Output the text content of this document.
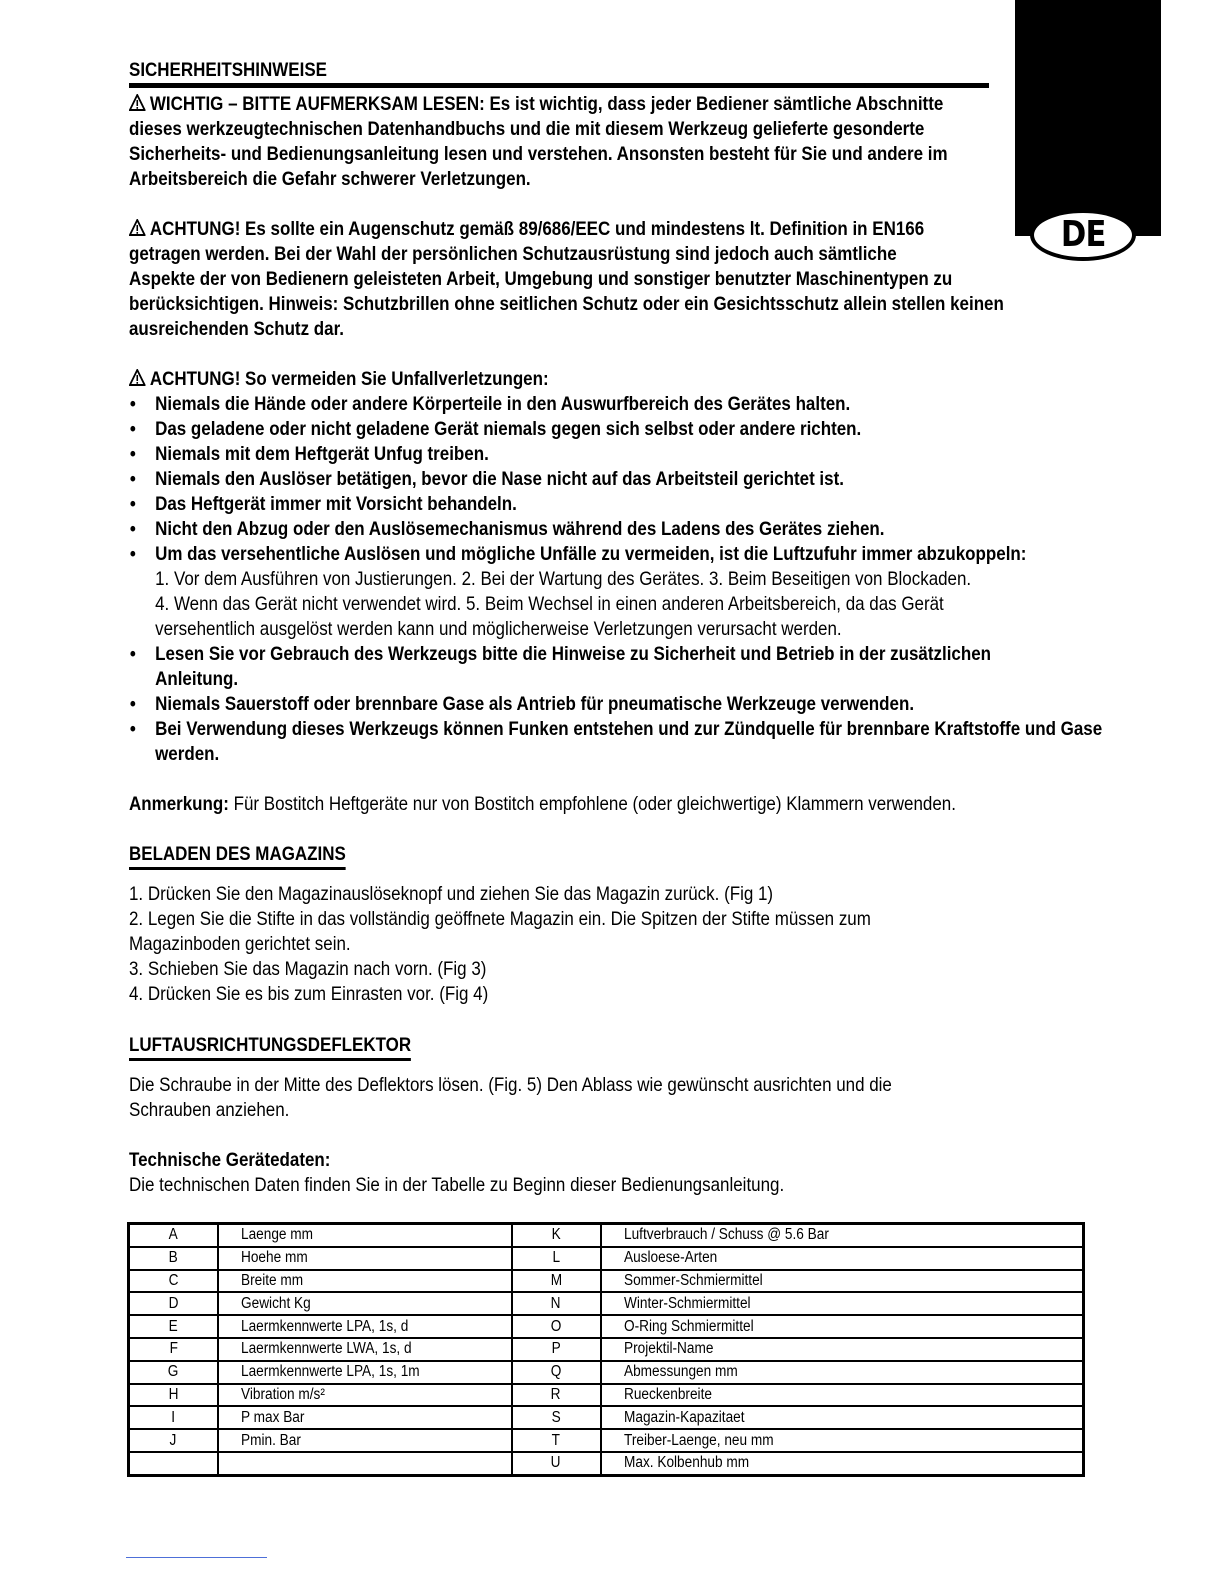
DE
SICHERHEITSHINWEISE

WICHTIG – BITTE AUFMERKSAM LESEN: Es ist wichtig, dass jeder Bediener sämtliche Abschnitte dieses werkzeugtechnischen Datenhandbuchs und die mit diesem Werkzeug gelieferte gesonderte Sicherheits- und Bedienungsanleitung lesen und verstehen. Ansonsten besteht für Sie und andere im Arbeitsbereich die Gefahr schwerer Verletzungen.

ACHTUNG! Es sollte ein Augenschutz gemäß 89/686/EEC und mindestens lt. Definition in EN166

getragen werden. Bei der Wahl der persönlichen Schutzausrüstung sind jedoch auch sämtliche

Aspekte der von Bedienern geleisteten Arbeit, Umgebung und sonstiger benutzter Maschinentypen zu

berücksichtigen. Hinweis: Schutzbrillen ohne seitlichen Schutz oder ein Gesichtsschutz allein stellen keinen

ausreichenden Schutz dar.

ACHTUNG! So vermeiden Sie Unfallverletzungen:

• Niemals die Hände oder andere Körperteile in den Auswurfbereich des Gerätes halten.
• Das geladene oder nicht geladene Gerät niemals gegen sich selbst oder andere richten.
• Niemals mit dem Heftgerät Unfug treiben.
• Niemals den Auslöser betätigen, bevor die Nase nicht auf das Arbeitsteil gerichtet ist.
• Das Heftgerät immer mit Vorsicht behandeln.
• Nicht den Abzug oder den Auslösemechanismus während des Ladens des Gerätes ziehen.
• Um das versehentliche Auslösen und mögliche Unfälle zu vermeiden, ist die Luftzufuhr immer abzukoppeln:
1. Vor dem Ausführen von Justierungen. 2. Bei der Wartung des Gerätes. 3. Beim Beseitigen von Blockaden.
4. Wenn das Gerät nicht verwendet wird. 5. Beim Wechsel in einen anderen Arbeitsbereich, da das Gerät
versehentlich ausgelöst werden kann und möglicherweise Verletzungen verursacht werden.
• Lesen Sie vor Gebrauch des Werkzeugs bitte die Hinweise zu Sicherheit und Betrieb in der zusätzlichen Anleitung.
• Niemals Sauerstoff oder brennbare Gase als Antrieb für pneumatische Werkzeuge verwenden.
• Bei Verwendung dieses Werkzeugs können Funken entstehen und zur Zündquelle für brennbare Kraftstoffe und Gase werden.

Anmerkung: Für Bostitch Heftgeräte nur von Bostitch empfohlene (oder gleichwertige) Klammern verwenden.

BELADEN DES MAGAZINS

1. Drücken Sie den Magazinauslöseknopf und ziehen Sie das Magazin zurück. (Fig 1)

2. Legen Sie die Stifte in das vollständig geöffnete Magazin ein. Die Spitzen der Stifte müssen zum

Magazinboden gerichtet sein.

3. Schieben Sie das Magazin nach vorn. (Fig 3)

4. Drücken Sie es bis zum Einrasten vor. (Fig 4)

LUFTAUSRICHTUNGSDEFLEKTOR

Die Schraube in der Mitte des Deflektors lösen. (Fig. 5) Den Ablass wie gewünscht ausrichten und die

Schrauben anziehen.

Technische Gerätedaten:

Die technischen Daten finden Sie in der Tabelle zu Beginn dieser Bedienungsanleitung.

A	Laenge mm	K	Luftverbrauch / Schuss @ 5.6 Bar
B	Hoehe mm	L	Ausloese-Arten
C	Breite mm	M	Sommer-Schmiermittel
D	Gewicht Kg	N	Winter-Schmiermittel
E	Laermkennwerte LPA, 1s, d	O	O-Ring Schmiermittel
F	Laermkennwerte LWA, 1s, d	P	Projektil-Name
G	Laermkennwerte LPA, 1s, 1m	Q	Abmessungen mm
H	Vibration m/s²	R	Rueckenbreite
I	P max Bar	S	Magazin-Kapazitaet
J	Pmin. Bar	T	Treiber-Laenge, neu mm
		U	Max. Kolbenhub mm
